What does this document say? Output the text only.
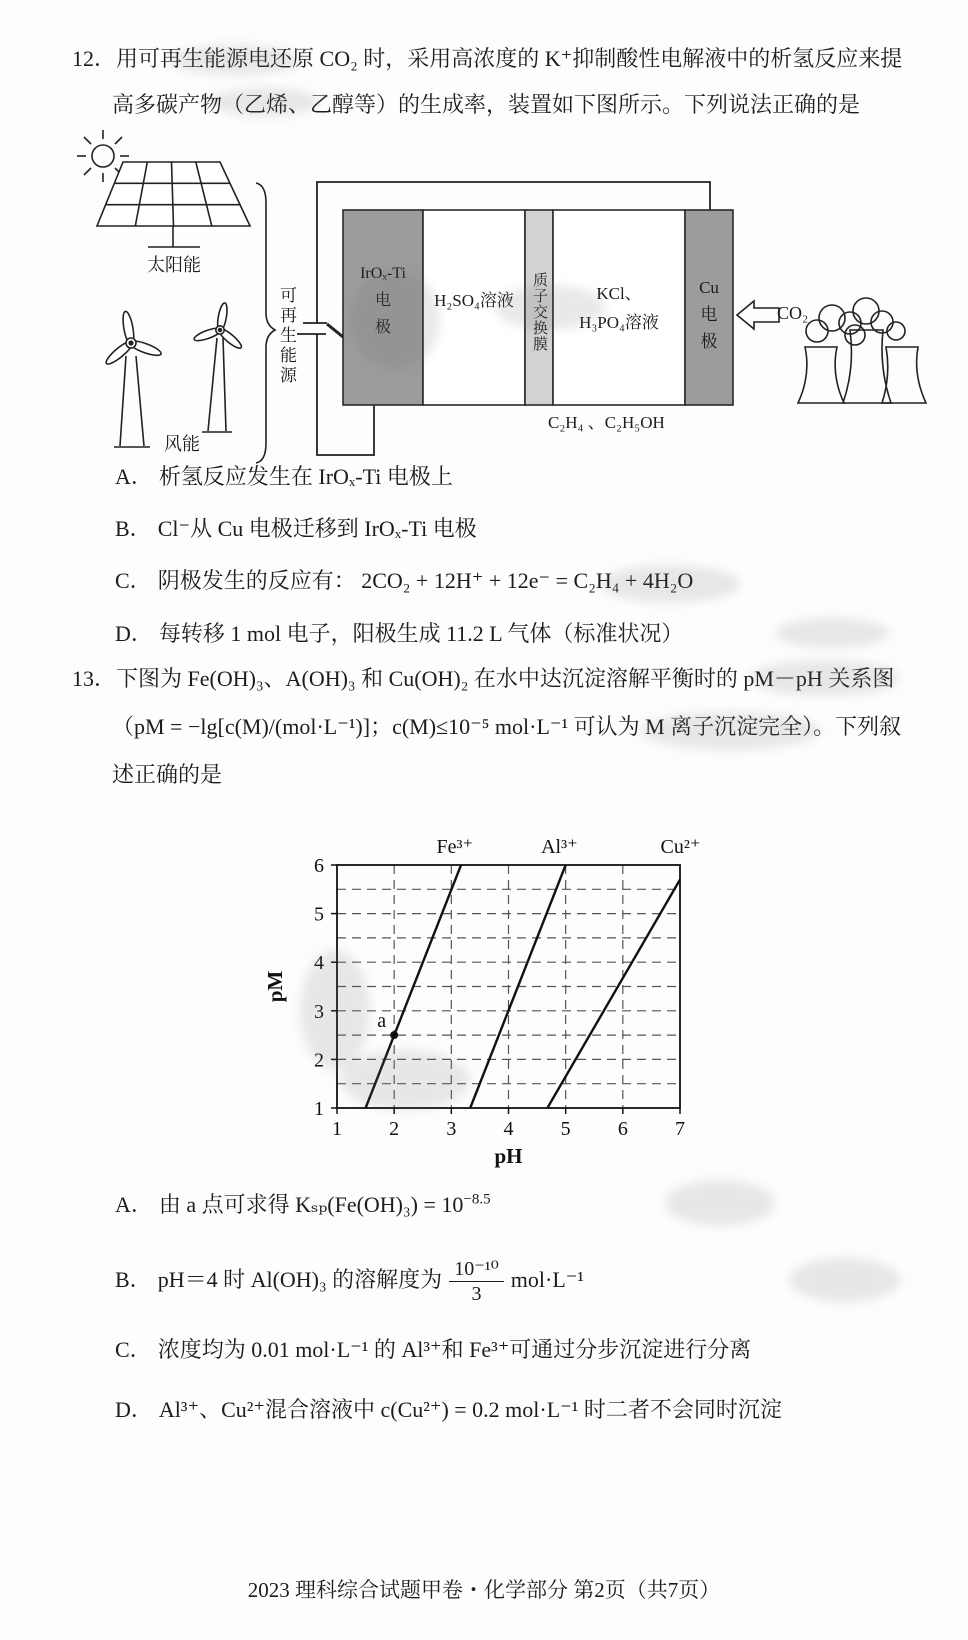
12．用可再生能源电还原 CO₂ 时，采用高浓度的 K⁺抑制酸性电解液中的析氢反应来提
高多碳产物（乙烯、乙醇等）的生成率，装置如下图所示。下列说法正确的是
太阳能
风能
可再生能源
IrOₓ-Ti
电
极
H₂SO₄溶液	质子交换膜	KCl、
H₃PO₄溶液
Cu
电
极
CO₂
C₂H₄ 、C₂H₅OH
A． 析氢反应发生在 IrOₓ-Ti 电极上
B． Cl⁻从 Cu 电极迁移到 IrOₓ-Ti 电极
C． 阴极发生的反应有： 2CO₂ + 12H⁺ + 12e⁻ = C₂H₄ + 4H₂O
D． 每转移 1 mol 电子，阳极生成 11.2 L 气体（标准状况）
13．下图为 Fe(OH)₃、A(OH)₃ 和 Cu(OH)₂ 在水中达沉淀溶解平衡时的 pM－pH 关系图
（pM = −lg[c(M)/(mol·L⁻¹)]；c(M)≤10⁻⁵ mol·L⁻¹ 可认为 M 离子沉淀完全）。下列叙
述正确的是
1
2
3
4
5
6
1 2 3 4 5 6 7
Fe³⁺	Al³⁺	Cu²⁺
a
pM
pH
A． 由 a 点可求得 $K_{sp}(Fe(OH)_3) = 10^{-8.5}$
B． pH＝4 时 Al(OH)₃ 的溶解度为 $\frac{\text{10⁻¹⁰}}{3} mol\cdot L^{-1}$
C． 浓度均为 0.01 mol·L⁻¹ 的 Al³⁺和 Fe³⁺可通过分步沉淀进行分离
D． Al³⁺、Cu²⁺混合溶液中 c(Cu²⁺) = 0.2 mol·L⁻¹ 时二者不会同时沉淀
2023 理科综合试题甲卷・化学部分 第2页（共7页）
